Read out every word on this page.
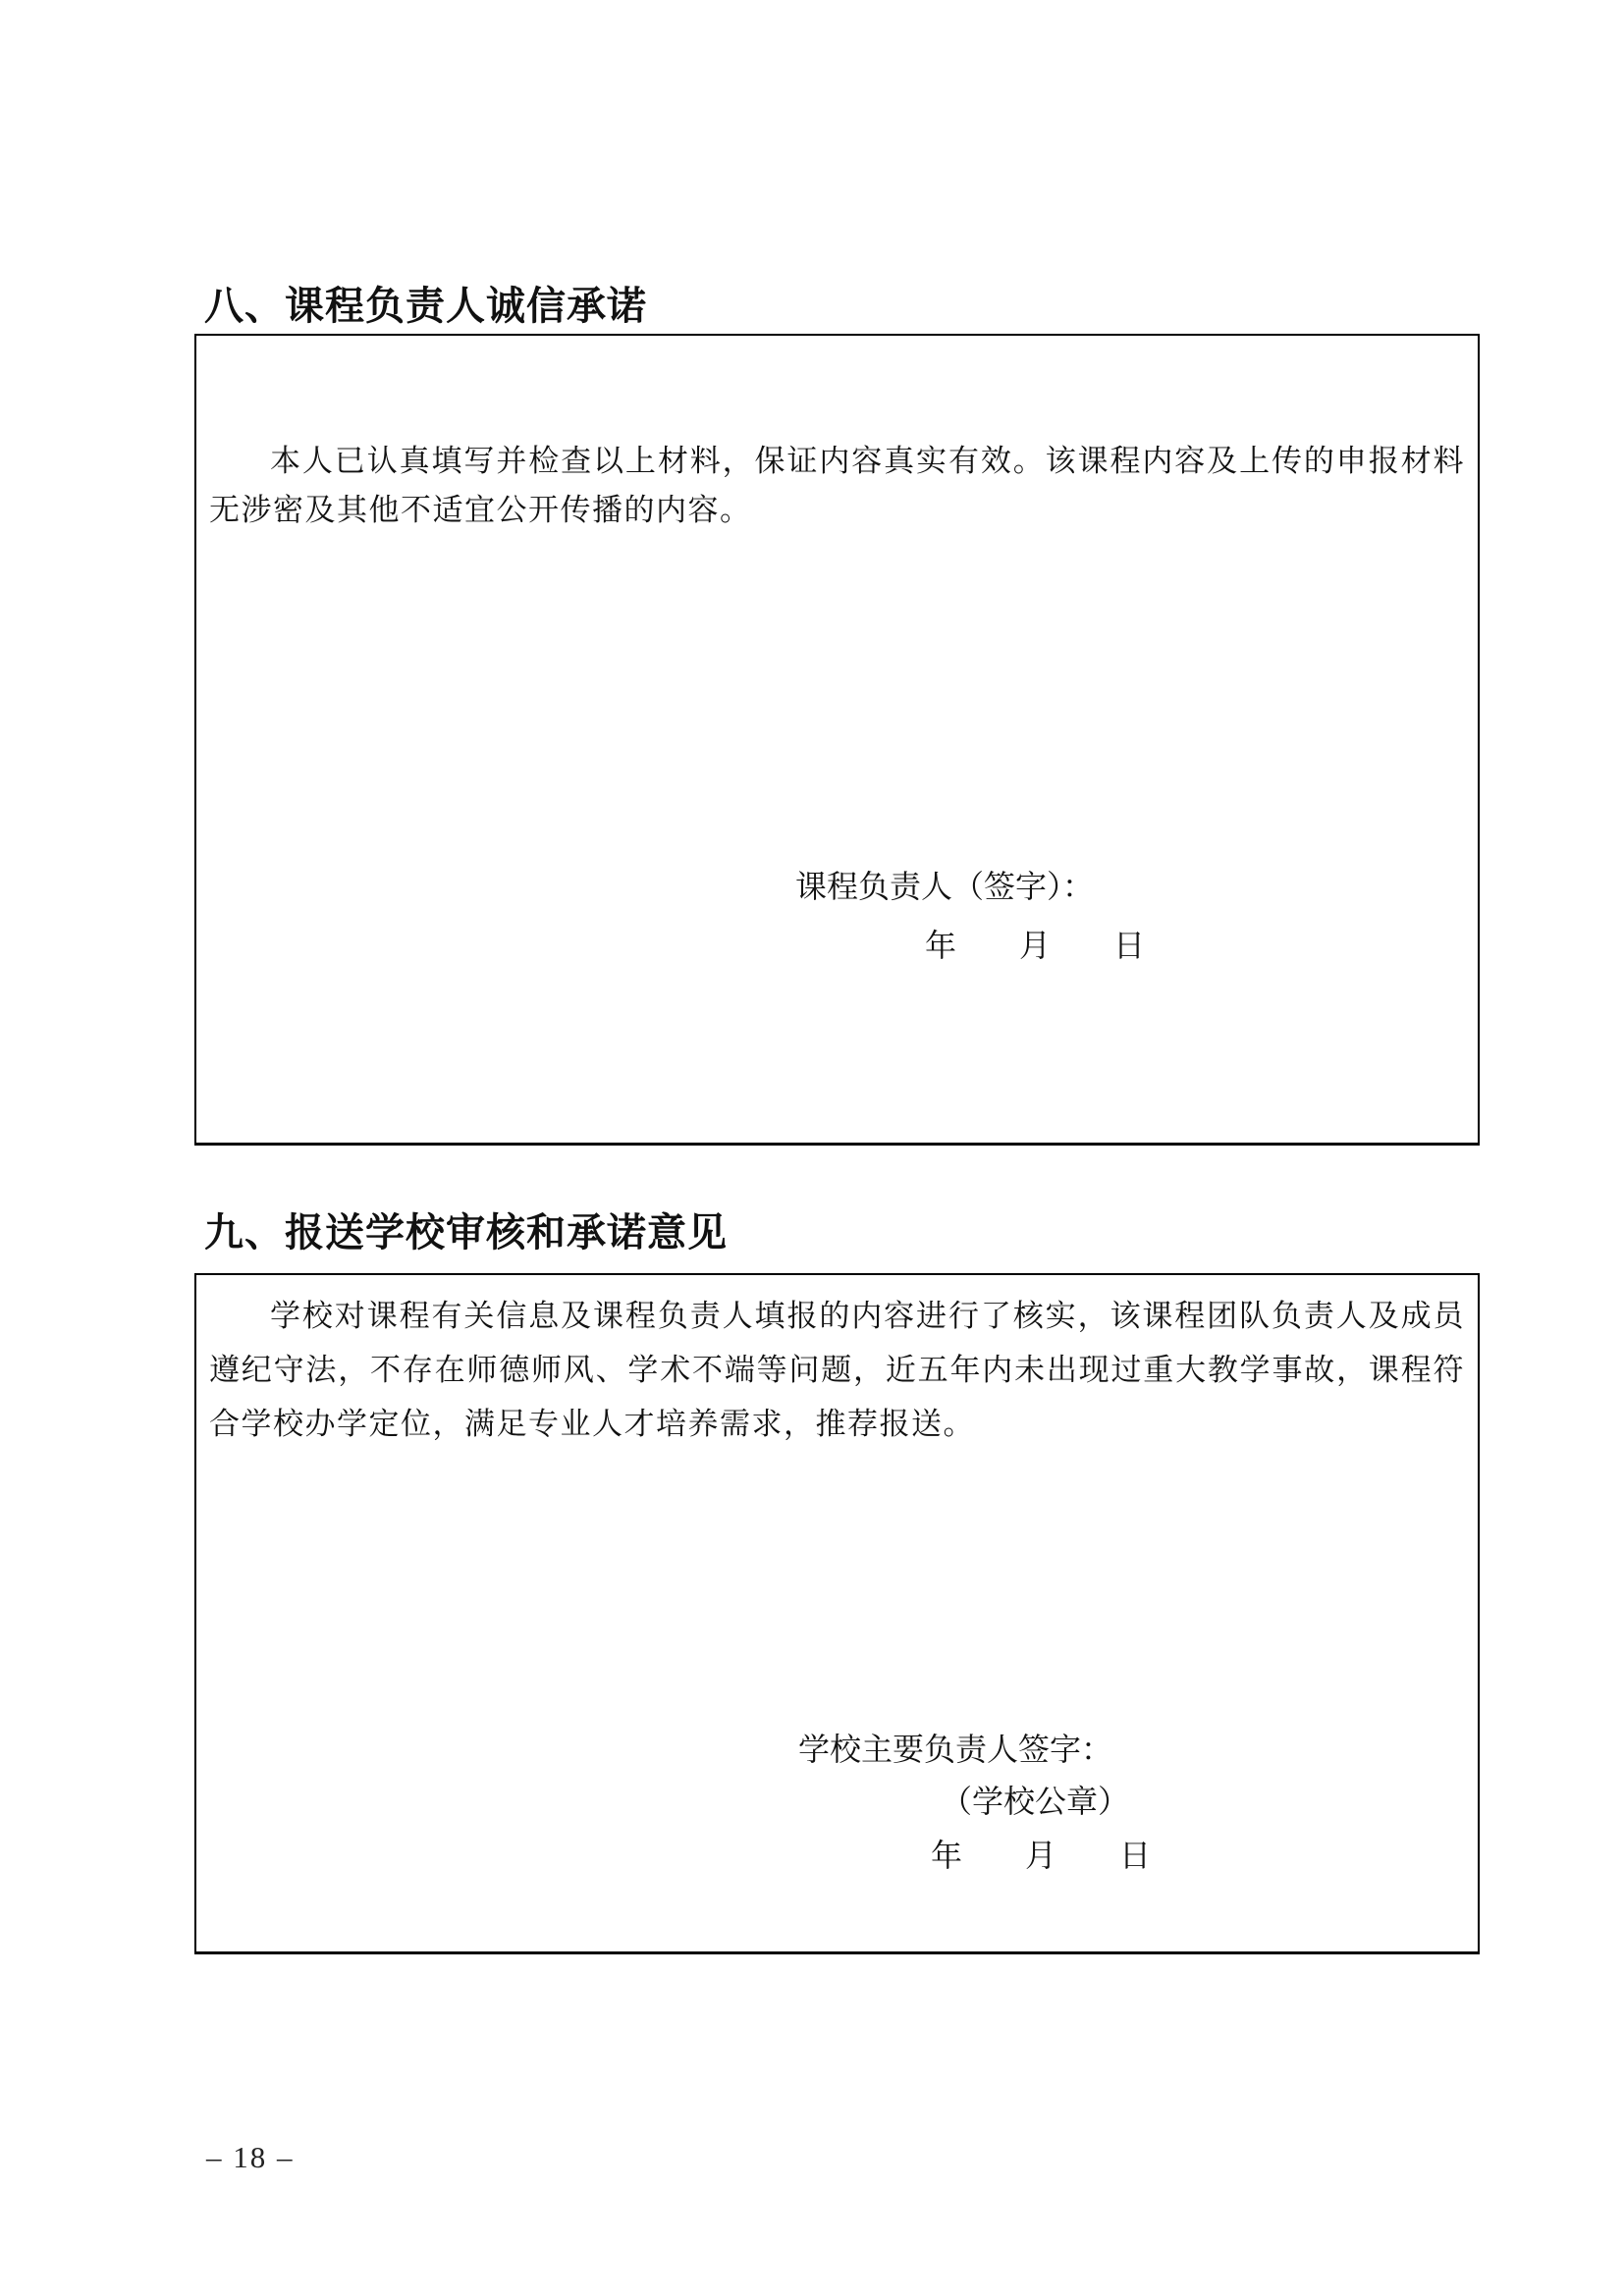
八、课程负责人诚信承诺

本人已认真填写并检查以上材料，保证内容真实有效。该课程内容及上传的申报材料无涉密及其他不适宜公开传播的内容。

课程负责人（签字）：
年　　月　　日
九、报送学校审核和承诺意见

学校对课程有关信息及课程负责人填报的内容进行了核实，该课程团队负责人及成员遵纪守法，不存在师德师风、学术不端等问题，近五年内未出现过重大教学事故，课程符合学校办学定位，满足专业人才培养需求，推荐报送。

学校主要负责人签字：
（学校公章）
年　　月　　日
– 18 –
